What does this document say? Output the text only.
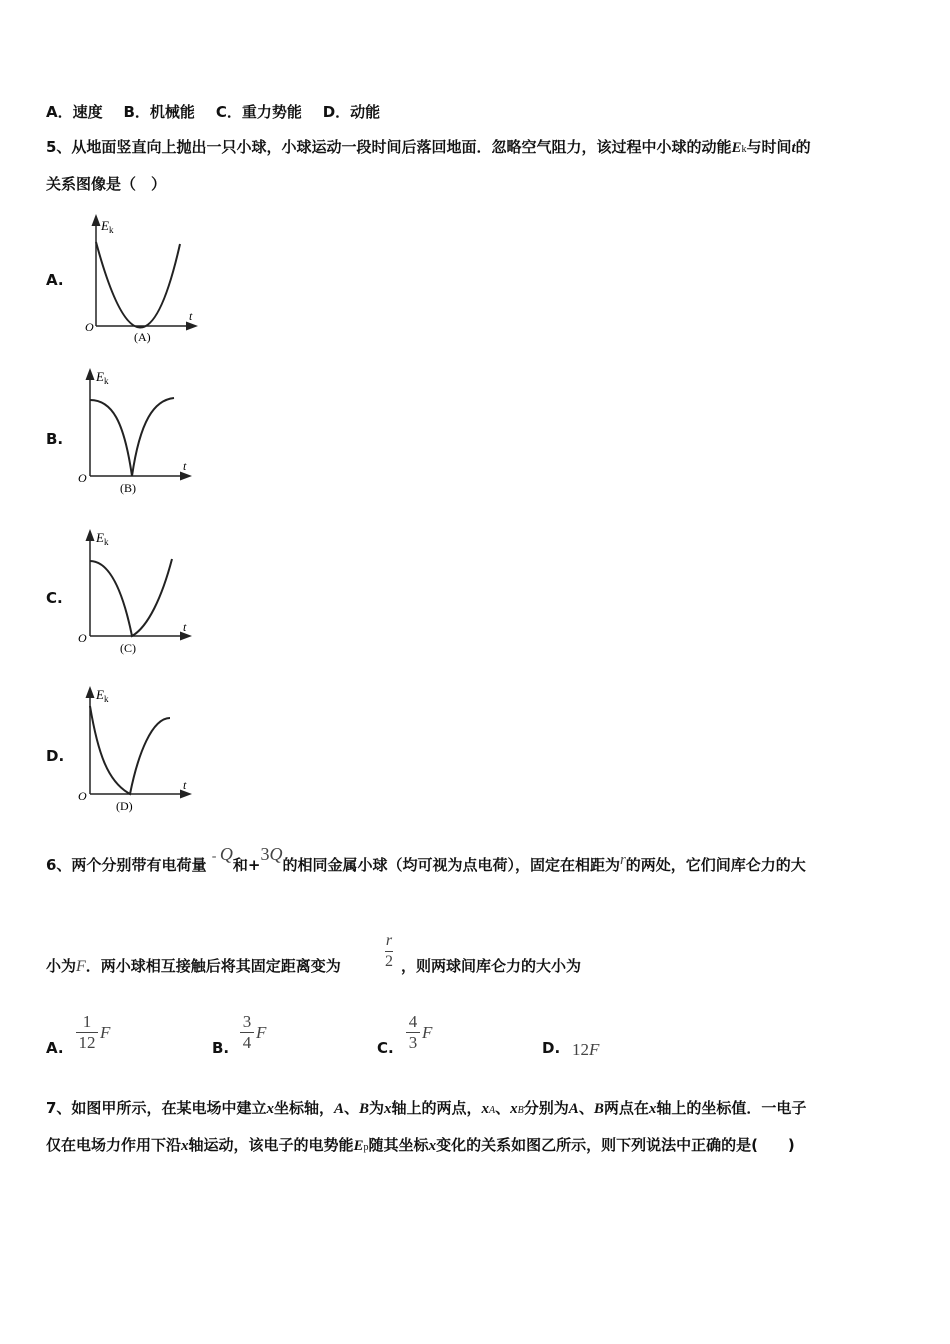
A．速度 B．机械能 C．重力势能 D．动能
5、从地面竖直向上抛出一只小球，小球运动一段时间后落回地面．忽略空气阻力，该过程中小球的动能Ek与时间t的
关系图像是（　）
A.
$E_k$
t
O
(A)
B.
$E_k$
t
O
(B)
C.
$E_k$
t
O
(C)
D.
$E_k$
t
O
(D)
6、两个分别带有电荷量 - Q和+3Q的相同金属小球（均可视为点电荷），固定在相距为r的两处，它们间库仑力的大
小为F．两小球相互接触后将其固定距离变为
r
2 ，则两球间库仑力的大小为
A.
1
12
F
B.
3
4
F
C.
4
3
F
D. 12F
7、如图甲所示，在某电场中建立x坐标轴，A、B为x轴上的两点，xA、xB分别为A、B两点在x轴上的坐标值．一电子
仅在电场力作用下沿x轴运动，该电子的电势能Ep随其坐标x变化的关系如图乙所示，则下列说法中正确的是(　　)
